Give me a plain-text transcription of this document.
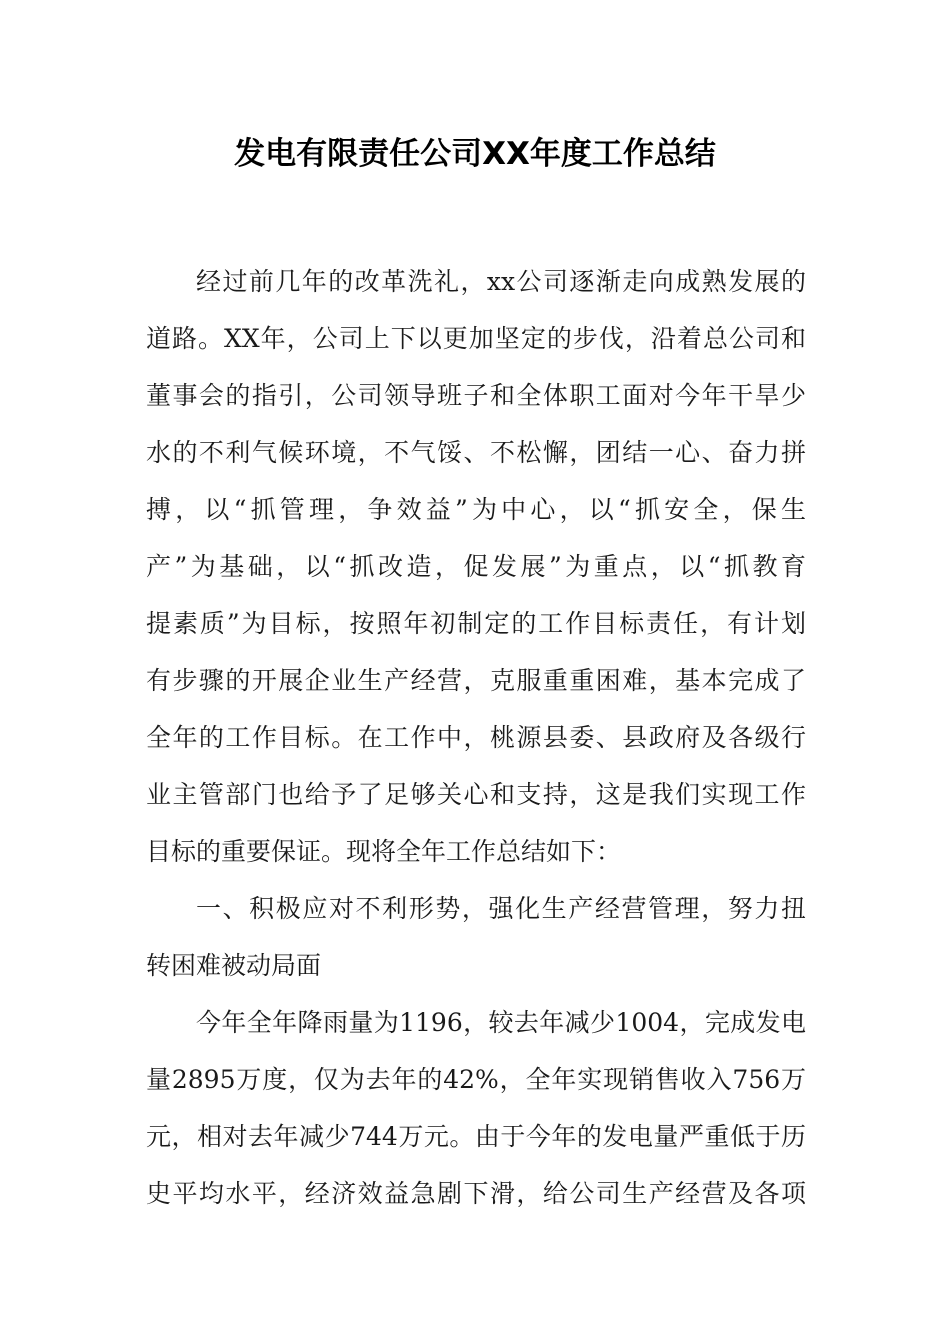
发电有限责任公司XX年度工作总结

经过前几年的改革洗礼，xx公司逐渐走向成熟发展的

道路。XX年，公司上下以更加坚定的步伐，沿着总公司和

董事会的指引，公司领导班子和全体职工面对今年干旱少

水的不利气候环境，不气馁、不松懈，团结一心、奋力拼

搏，以“抓管理，争效益”为中心，以“抓安全，保生

产”为基础，以“抓改造，促发展”为重点，以“抓教育

提素质”为目标，按照年初制定的工作目标责任，有计划

有步骤的开展企业生产经营，克服重重困难，基本完成了

全年的工作目标。在工作中，桃源县委、县政府及各级行

业主管部门也给予了足够关心和支持，这是我们实现工作

目标的重要保证。现将全年工作总结如下：

一、积极应对不利形势，强化生产经营管理，努力扭

转困难被动局面

今年全年降雨量为1196，较去年减少1004，完成发电

量2895万度，仅为去年的42%，全年实现销售收入756万

元，相对去年减少744万元。由于今年的发电量严重低于历

史平均水平，经济效益急剧下滑，给公司生产经营及各项
